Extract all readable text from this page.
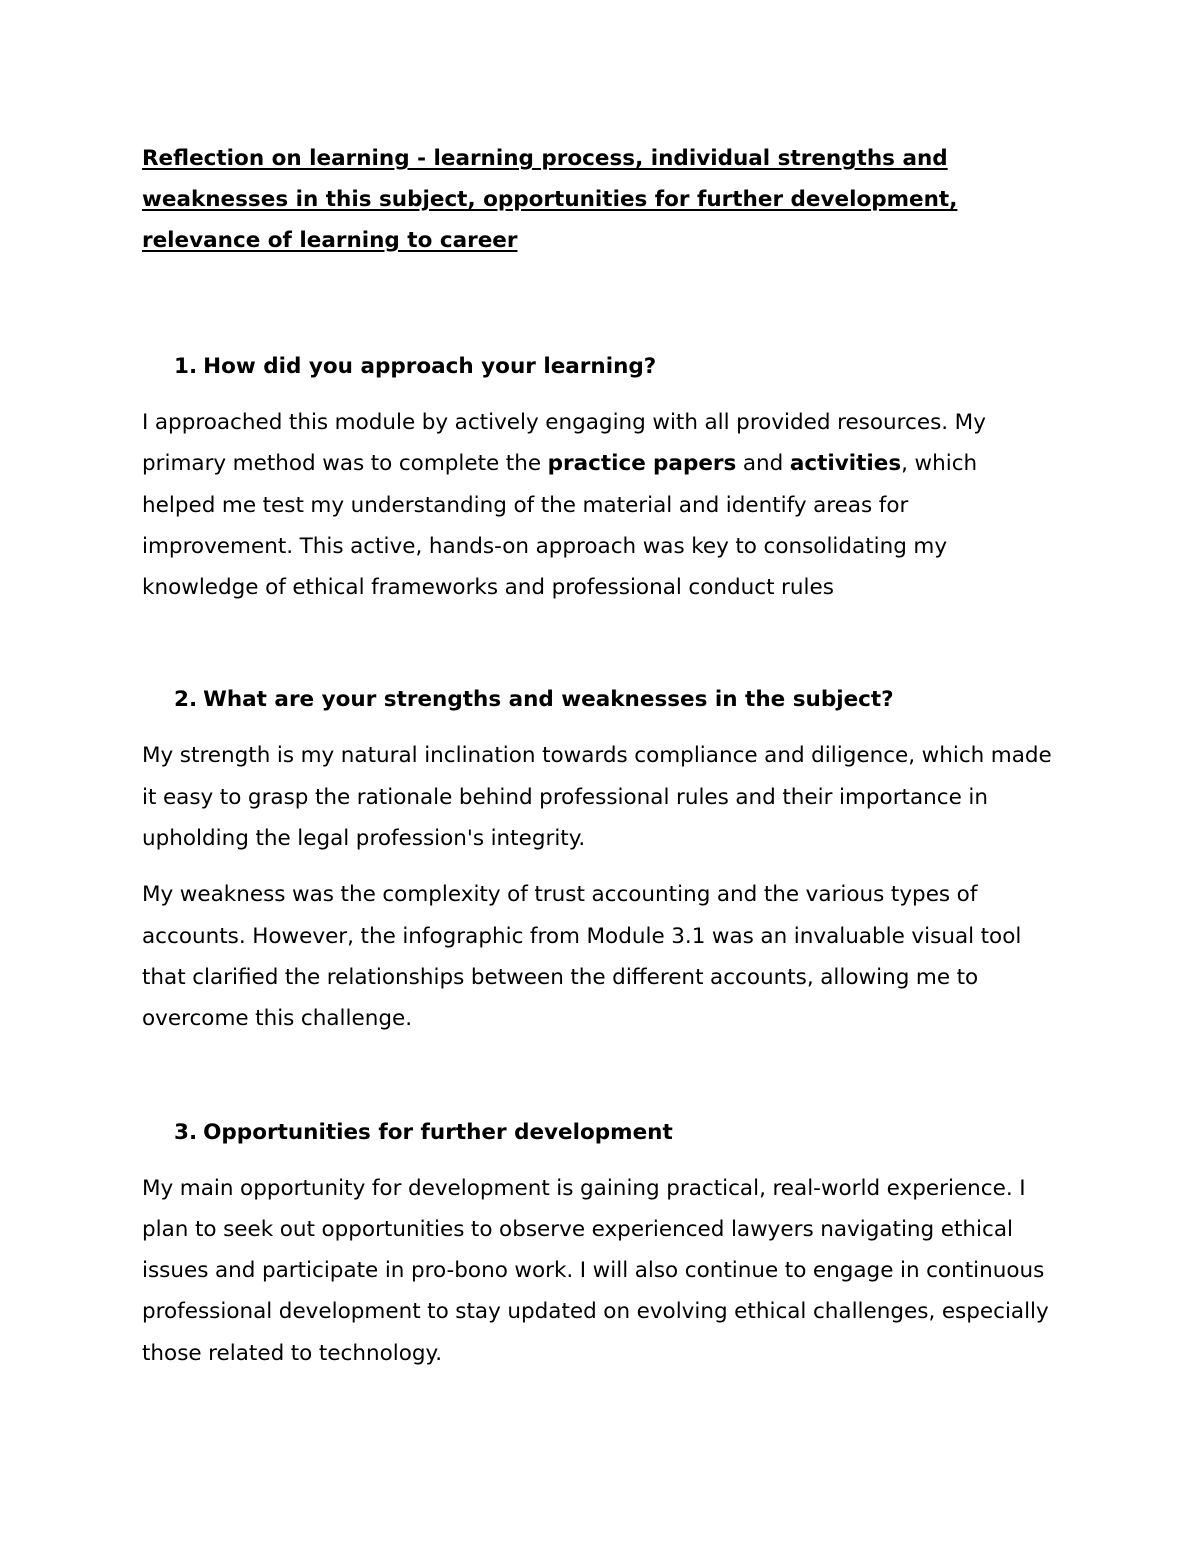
Reflection on learning - learning process, individual strengths and
weaknesses in this subject, opportunities for further development,
relevance of learning to career

1. How did you approach your learning?

I approached this module by actively engaging with all provided resources. My primary method was to complete the practice papers and activities, which helped me test my understanding of the material and identify areas for improvement. This active, hands-on approach was key to consolidating my knowledge of ethical frameworks and professional conduct rules

2. What are your strengths and weaknesses in the subject?

My strength is my natural inclination towards compliance and diligence, which made it easy to grasp the rationale behind professional rules and their importance in upholding the legal profession's integrity.

My weakness was the complexity of trust accounting and the various types of accounts. However, the infographic from Module 3.1 was an invaluable visual tool that clarified the relationships between the different accounts, allowing me to overcome this challenge.

3. Opportunities for further development

My main opportunity for development is gaining practical, real-world experience. I plan to seek out opportunities to observe experienced lawyers navigating ethical issues and participate in pro-bono work. I will also continue to engage in continuous professional development to stay updated on evolving ethical challenges, especially those related to technology.
